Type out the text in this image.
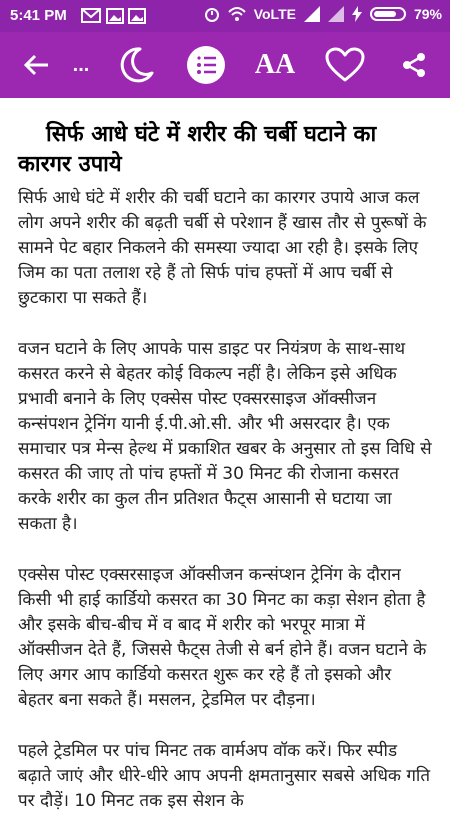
5:41 PM	VoLTE	79%
...	AA
सिर्फ आधे घंटे में शरीर की चर्बी घटाने का कारगर उपाये
सिर्फ आधे घंटे में शरीर की चर्बी घटाने का कारगर उपाये आज कल लोग अपने शरीर की बढ़ती चर्बी से परेशान हैं खास तौर से पुरूषों के सामने पेट बहार निकलने की समस्या ज्यादा आ रही है। इसके लिए जिम का पता तलाश रहे हैं तो सिर्फ पांच हफ्तों में आप चर्बी से छुटकारा पा सकते हैं।
वजन घटाने के लिए आपके पास डाइट पर नियंत्रण के साथ-साथ कसरत करने से बेहतर कोई विकल्प नहीं है। लेकिन इसे अधिक प्रभावी बनाने के लिए एक्सेस पोस्ट एक्सरसाइज ऑक्सीजन कन्संपशन ट्रेनिंग यानी ई.पी.ओ.सी. और भी असरदार है। एक समाचार पत्र मेन्स हेल्थ में प्रकाशित खबर के अनुसार तो इस विधि से कसरत की जाए तो पांच हफ्तों में 30 मिनट की रोजाना कसरत करके शरीर का कुल तीन प्रतिशत फैट्स आसानी से घटाया जा सकता है।
एक्सेस पोस्ट एक्सरसाइज ऑक्सीजन कन्संप्शन ट्रेनिंग के दौरान किसी भी हाई कार्डियो कसरत का 30 मिनट का कड़ा सेशन होता है और इसके बीच-बीच में व बाद में शरीर को भरपूर मात्रा में ऑक्सीजन देते हैं, जिससे फैट्स तेजी से बर्न होने हैं। वजन घटाने के लिए अगर आप कार्डियो कसरत शुरू कर रहे हैं तो इसको और बेहतर बना सकते हैं। मसलन, ट्रेडमिल पर दौड़ना।
पहले ट्रेडमिल पर पांच मिनट तक वार्मअप वॉक करें। फिर स्पीड बढ़ाते जाएं और धीरे-धीरे आप अपनी क्षमतानुसार सबसे अधिक गति पर दौड़ें। 10 मिनट तक इस सेशन के
